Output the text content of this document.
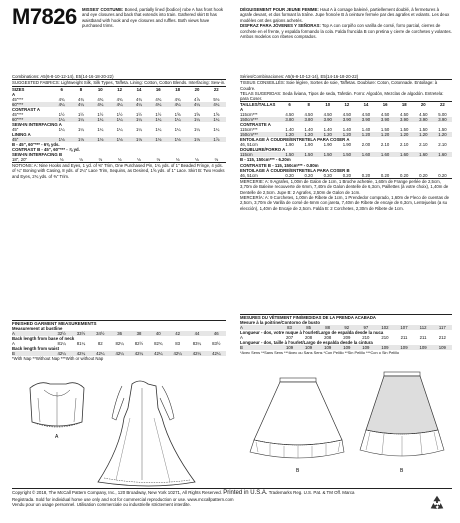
M7826 MISSES' COSTUME: Boned, partially lined (bodice) robe A has front hook and eye closures and back that extends into train. Gathered skirt B has waistband with hook and eye closures and ruffles. Both views have purchased trims.
DÉGUISEMENT POUR JEUNE FEMME: Haut A à corsage baleiné, partiellement doublé, à fermetures à agrafe devant, et dos formant la traîne. Jupe froncée B à ceinture fermée par des agrafes et volants. Les deux modèles ont des galons achetés.
DISFRAZ PARA JÓVENES Y SEÑORAS: Top A con corpiño con varilla de corsé, forro parcial, cierres de corchete en el frente, y espalda formando la cola. Falda fruncida B con pretina y cierre de corchetes y volantes. Ambos modelos con ribetes comprados.
Combinations: A5(6-8-10-12-14), E5(14-16-18-20-22)
SUGGESTED FABRICS: Lightweight Silk, Silk Types, Taffeta. Lining: Cotton, Cotton Blends. Interfacing: Sew-in.
SIZES	6	8	10	12	14	16	18	20	22
A									
45"***	4¾	4¾	4¾	4¾	4¾	4¾	4¾	4⅞	5⅛
60"***	4¼	4¼	4¼	4¼	4¼	4¼	4¼	4¼	4¼
CONTRAST A									
45"***	1½	1½	1½	1½	1½	1½	1⅝	1⅝	1⅝
60"***	1¼	1¼	1¼	1¼	1¼	1¼	1¼	1¼	1¼
SEW-IN INTERFACING A									
45"	1¼	1¼	1¼	1¼	1¼	1¼	1¼	1¼	1¼
LINING A									
45"	1⅛	1⅛	1⅛	1⅛	1⅛	1⅛	1⅛	1⅛	1⅞
B - 45", 60"*** - 6⅝ yds.
CONTRAST B - 45", 60"*** - ⅞ yd.
SEW-IN INTERFACING B
18", 20"	⅛	⅛	⅛	⅛	⅛	⅛	⅛	⅛	⅛
NOTIONS: A: Nine Hooks and Eyes, 1 yd. of ⅜" Trim, One Purchased Pin, 1¾ yds. of 1" Beaded Fringe, 4 yds. of ¼" Boning with Casing, 8 yds. of 2¼" Lace Trim, Sequins, as Desired, 1⅝ yds. of 1" Lace. Skirt B: Two Hooks and Eyes, 2¾ yds. of ⅜" Trim.
Séries/Combinaciones: A5(6-8-10-12-14), E5(14-16-18-20-22)
TISSUS CONSEILLÉS: Soie légère, Sortes de soie, Taffetas. Doublure: Coton, Cotonnade. Entoilage: à Coudre.
TELAS SUGERIDAS: Seda liviana, Tipos de seda, Tafetán. Forro: Algodón, Mezclas de algodón. Entretela: para Coser.
TAILLES/TALLAS	6	8	10	12	14	16	18	20	22
A									
115cm***	4.50	4.50	4.50	4.50	4.50	4.50	4.50	4.50	5.00
150cm***	3.80	3.80	3.90	3.90	3.90	3.90	3.90	3.90	3.90
CONTRASTE A									
115cm***	1.40	1.40	1.40	1.40	1.40	1.50	1.50	1.50	1.50
150cm***	1.20	1.20	1.20	1.20	1.20	1.20	1.20	1.20	1.20
ENTOILAGE À COUDRE/ENTRETELA PARA COSER A									
46, 51cm	1.90	1.90	1.90	1.90	2.00	2.10	2.10	2.10	2.10
DOUBLURE/FORRO A									
115cm	1.50	1.50	1.50	1.50	1.60	1.60	1.60	1.60	1.60
B - 115, 150cm*** - 6.20m
CONTRASTE B - 115, 150cm*** - 0.80m
ENTOILAGE À COUDRE/ENTRETELA PARA COSER B
46, 51cm	0.20	0.20	0.20	0.20	0.20	0.20	0.20	0.20	0.20
MERCERIE: A: 9 Agrafes, 1,00m de Galon de 1cm, 1 Broche achetée, 1,60m de Frange perlée de 2,5cm, 3,70m de Baleine recouverte de 6mm, 7,40m de Galon dentelle de 6,3cm, Paillettes (à votre choix), 1,40m de Dentelle de 2,5cm. Jupe B: 2 Agrafes, 2,50m de Galon de 1cm.
MERCERÍA: A: 9 Corchetes, 1,00m de Ribete de 1cm, 1 Prendedor comprado, 1,60m de Fleco de cuentas de 2,5cm, 3,70m de Varilla de corsé de 6mm con jareta, 7,40m de Ribete de encaje de 6,3cm, Lentejuelas (a su elección), 1,40m de Encaje de 2,5cm. Falda B: 2 Corchetes, 2,30m de Ribete de 1cm.
FINISHED GARMENT MEASUREMENTS
Measurement at bustline									
A	32½	33½	34½	36	38	40	42	44	46
Back length from base of neck									
A	81¼	81¼	82	82¼	82½	82¾	83	83¼	83½
Back length from waist									
B	42¼	42¼	42¼	42¼	42¼	42¼	42¼	42¼	42¼
*With Nap **Without Nap ***With or without Nap
MESURES DU VÊTEMENT FINI/MEDIDAS DE LA PRENDA ACABADA
Mesure à la poitrine/Contorno de busto									
A	83	85	88	92	97	102	107	112	117
Longueur - dos, votre nuque à l'ourlet/Largo de espalda desde la nuca									
A	207	208	208	209	210	210	211	211	212
Longueur - dos, taille à l'ourlet/Largo de espalda desde la cintura									
B	109	109	109	109	109	109	109	109	109
*Avec Sens **Sans Sens ***Avec ou Sans Sens *Con Pelillo **Sin Pelillo ***Con o Sin Pelillo
A
B	B
Copyright © 2018, The McCall Pattern Company, Inc., 120 Broadway, New York 10271, All Rights Reserved. Printed in U.S.A. Trademarks Reg. U.S. Pat. & TM Off. Marca
Registrada. Sold for individual home use only and not for commercial reproduction or use. www.mccallpattern.com
Vendu pour un usage personnel. Utilisation commerciale ou industrielle strictement interdite.
